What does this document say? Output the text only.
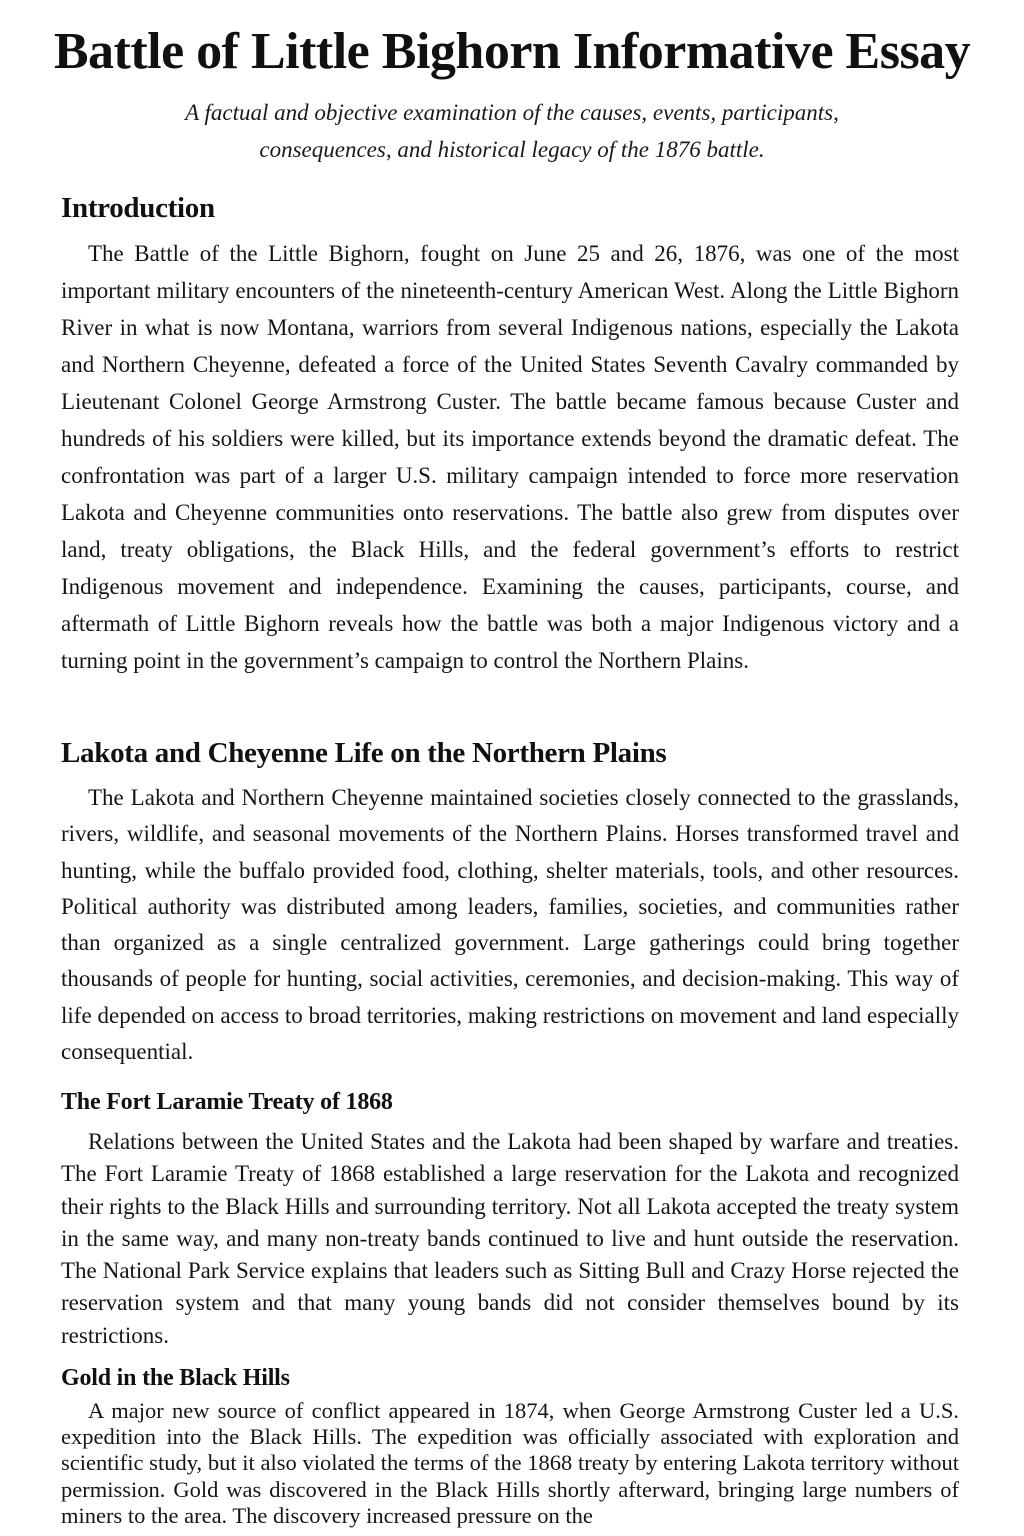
Battle of Little Bighorn Informative Essay

A factual and objective examination of the causes, events, participants, consequences, and historical legacy of the 1876 battle.

Introduction

The Battle of the Little Bighorn, fought on June 25 and 26, 1876, was one of the most important military encounters of the nineteenth-century American West. Along the Little Bighorn River in what is now Montana, warriors from several Indigenous nations, especially the Lakota and Northern Cheyenne, defeated a force of the United States Seventh Cavalry commanded by Lieutenant Colonel George Armstrong Custer. The battle became famous because Custer and hundreds of his soldiers were killed, but its importance extends beyond the dramatic defeat. The confrontation was part of a larger U.S. military campaign intended to force more reservation Lakota and Cheyenne communities onto reservations. The battle also grew from disputes over land, treaty obligations, the Black Hills, and the federal government’s efforts to restrict Indigenous movement and independence. Examining the causes, participants, course, and aftermath of Little Bighorn reveals how the battle was both a major Indigenous victory and a turning point in the government’s campaign to control the Northern Plains.

Lakota and Cheyenne Life on the Northern Plains

The Lakota and Northern Cheyenne maintained societies closely connected to the grasslands, rivers, wildlife, and seasonal movements of the Northern Plains. Horses transformed travel and hunting, while the buffalo provided food, clothing, shelter materials, tools, and other resources. Political authority was distributed among leaders, families, societies, and communities rather than organized as a single centralized government. Large gatherings could bring together thousands of people for hunting, social activities, ceremonies, and decision-making. This way of life depended on access to broad territories, making restrictions on movement and land especially consequential.

The Fort Laramie Treaty of 1868

Relations between the United States and the Lakota had been shaped by warfare and treaties. The Fort Laramie Treaty of 1868 established a large reservation for the Lakota and recognized their rights to the Black Hills and surrounding territory. Not all Lakota accepted the treaty system in the same way, and many non-treaty bands continued to live and hunt outside the reservation. The National Park Service explains that leaders such as Sitting Bull and Crazy Horse rejected the reservation system and that many young bands did not consider themselves bound by its restrictions.

Gold in the Black Hills

A major new source of conflict appeared in 1874, when George Armstrong Custer led a U.S. expedition into the Black Hills. The expedition was officially associated with exploration and scientific study, but it also violated the terms of the 1868 treaty by entering Lakota territory without permission. Gold was discovered in the Black Hills shortly afterward, bringing large numbers of miners to the area. The discovery increased pressure on the
